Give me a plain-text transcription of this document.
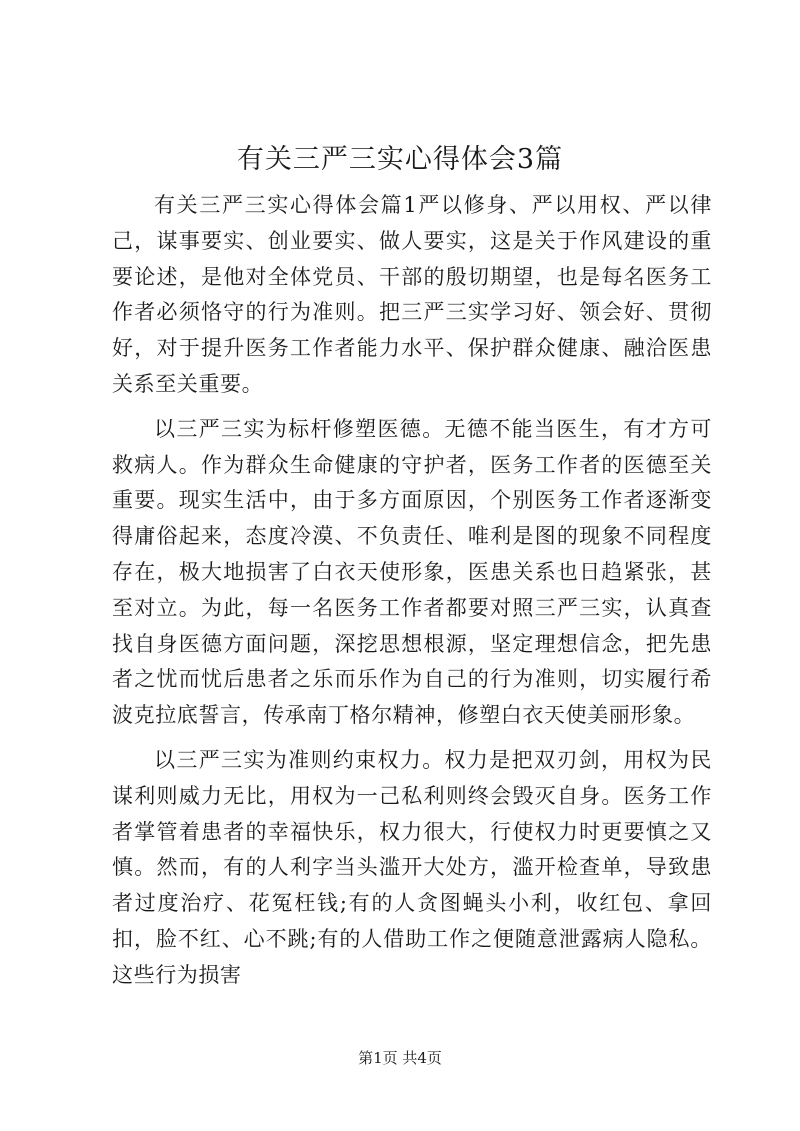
有关三严三实心得体会3篇

有关三严三实心得体会篇1严以修身、严以用权、严以律己，谋事要实、创业要实、做人要实，这是关于作风建设的重要论述，是他对全体党员、干部的殷切期望，也是每名医务工作者必须恪守的行为准则。把三严三实学习好、领会好、贯彻好，对于提升医务工作者能力水平、保护群众健康、融洽医患关系至关重要。

以三严三实为标杆修塑医德。无德不能当医生，有才方可救病人。作为群众生命健康的守护者，医务工作者的医德至关重要。现实生活中，由于多方面原因，个别医务工作者逐渐变得庸俗起来，态度冷漠、不负责任、唯利是图的现象不同程度存在，极大地损害了白衣天使形象，医患关系也日趋紧张，甚至对立。为此，每一名医务工作者都要对照三严三实，认真查找自身医德方面问题，深挖思想根源，坚定理想信念，把先患者之忧而忧后患者之乐而乐作为自己的行为准则，切实履行希波克拉底誓言，传承南丁格尔精神，修塑白衣天使美丽形象。

以三严三实为准则约束权力。权力是把双刃剑，用权为民谋利则威力无比，用权为一己私利则终会毁灭自身。医务工作者掌管着患者的幸福快乐，权力很大，行使权力时更要慎之又慎。然而，有的人利字当头滥开大处方，滥开检查单，导致患者过度治疗、花冤枉钱;有的人贪图蝇头小利，收红包、拿回扣，脸不红、心不跳;有的人借助工作之便随意泄露病人隐私。这些行为损害

第1页 共4页
